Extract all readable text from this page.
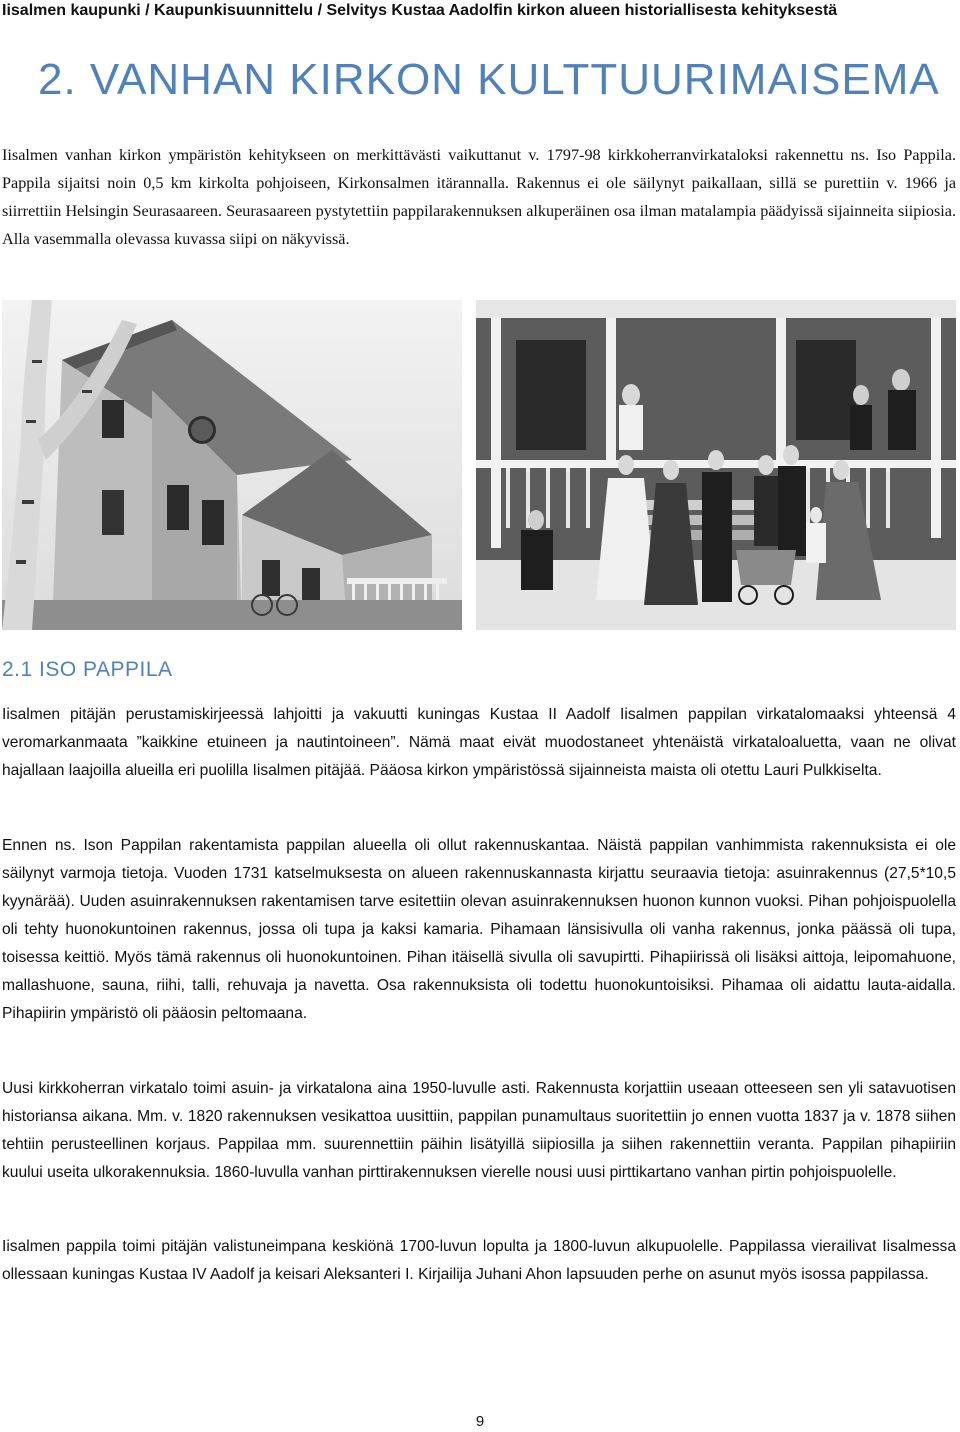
Iisalmen kaupunki / Kaupunkisuunnittelu / Selvitys Kustaa Aadolfin kirkon alueen historiallisesta kehityksestä
2. VANHAN KIRKON KULTTUURIMAISEMA
Iisalmen vanhan kirkon ympäristön kehitykseen on merkittävästi vaikuttanut v. 1797-98 kirkkoherranvirkataloksi rakennettu ns. Iso Pappila. Pappila sijaitsi noin 0,5 km kirkolta pohjoiseen, Kirkonsalmen itärannalla. Rakennus ei ole säilynyt paikallaan, sillä se purettiin v. 1966 ja siirrettiin Helsingin Seurasaareen. Seurasaareen pystytettiin pappilarakennuksen alkuperäinen osa ilman matalampia päädyissä sijainneita siipiosia. Alla vasemmalla olevassa kuvassa siipi on näkyvissä.
2.1 ISO PAPPILA
Iisalmen pitäjän perustamiskirjeessä lahjoitti ja vakuutti kuningas Kustaa II Aadolf Iisalmen pappilan virkatalomaaksi yhteensä 4 veromarkanmaata ”kaikkine etuineen ja nautintoineen”. Nämä maat eivät muodostaneet yhtenäistä virkataloaluetta, vaan ne olivat hajallaan laajoilla alueilla eri puolilla Iisalmen pitäjää. Pääosa kirkon ympäristössä sijainneista maista oli otettu Lauri Pulkkiselta.
Ennen ns. Ison Pappilan rakentamista pappilan alueella oli ollut rakennuskantaa. Näistä pappilan vanhimmista rakennuksista ei ole säilynyt varmoja tietoja. Vuoden 1731 katselmuksesta on alueen rakennuskannasta kirjattu seuraavia tietoja: asuinrakennus (27,5*10,5 kyynärää). Uuden asuinrakennuksen rakentamisen tarve esitettiin olevan asuinrakennuksen huonon kunnon vuoksi. Pihan pohjoispuolella oli tehty huonokuntoinen rakennus, jossa oli tupa ja kaksi kamaria. Pihamaan länsisivulla oli vanha rakennus, jonka päässä oli tupa, toisessa keittiö. Myös tämä rakennus oli huonokuntoinen. Pihan itäisellä sivulla oli savupirtti. Pihapiirissä oli lisäksi aittoja, leipomahuone, mallashuone, sauna, riihi, talli, rehuvaja ja navetta. Osa rakennuksista oli todettu huonokuntoisiksi. Pihamaa oli aidattu lauta-aidalla. Pihapiirin ympäristö oli pääosin peltomaana.
Uusi kirkkoherran virkatalo toimi asuin- ja virkatalona aina 1950-luvulle asti. Rakennusta korjattiin useaan otteeseen sen yli satavuotisen historiansa aikana. Mm. v. 1820 rakennuksen vesikattoa uusittiin, pappilan punamultaus suoritettiin jo ennen vuotta 1837 ja v. 1878 siihen tehtiin perusteellinen korjaus. Pappilaa mm. suurennettiin päihin lisätyillä siipiosilla ja siihen rakennettiin veranta. Pappilan pihapiiriin kuului useita ulkorakennuksia. 1860-luvulla vanhan pirttirakennuksen vierelle nousi uusi pirttikartano vanhan pirtin pohjoispuolelle.
Iisalmen pappila toimi pitäjän valistuneimpana keskiönä 1700-luvun lopulta ja 1800-luvun alkupuolelle. Pappilassa vierailivat Iisalmessa ollessaan kuningas Kustaa IV Aadolf ja keisari Aleksanteri I. Kirjailija Juhani Ahon lapsuuden perhe on asunut myös isossa pappilassa.
9
